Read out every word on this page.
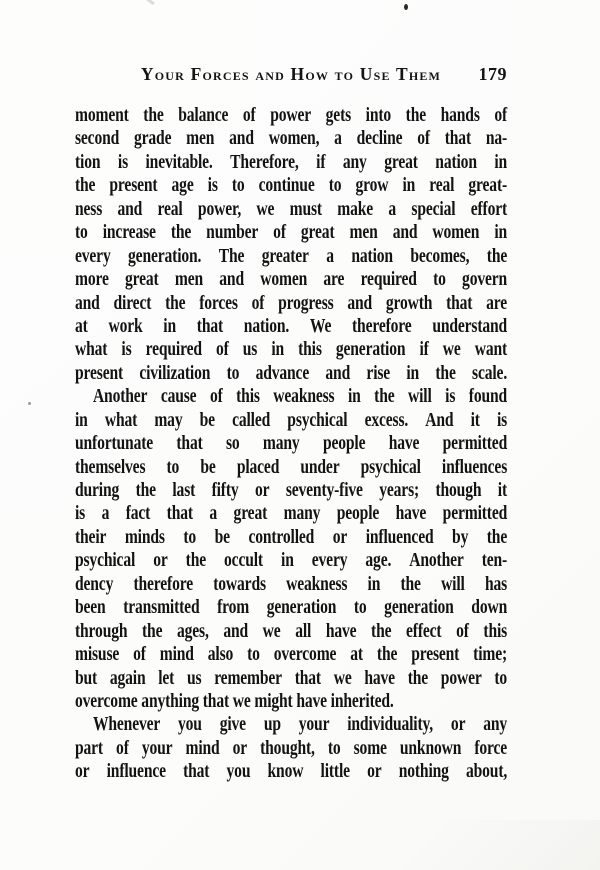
Your Forces and How to Use Them	179
moment the balance of power gets into the hands of
second grade men and women, a decline of that na-
tion is inevitable. Therefore, if any great nation in
the present age is to continue to grow in real great-
ness and real power, we must make a special effort
to increase the number of great men and women in
every generation. The greater a nation becomes, the
more great men and women are required to govern
and direct the forces of progress and growth that are
at work in that nation. We therefore understand
what is required of us in this generation if we want
present civilization to advance and rise in the scale.
Another cause of this weakness in the will is found
in what may be called psychical excess. And it is
unfortunate that so many people have permitted
themselves to be placed under psychical influences
during the last fifty or seventy-five years; though it
is a fact that a great many people have permitted
their minds to be controlled or influenced by the
psychical or the occult in every age. Another ten-
dency therefore towards weakness in the will has
been transmitted from generation to generation down
through the ages, and we all have the effect of this
misuse of mind also to overcome at the present time;
but again let us remember that we have the power to
overcome anything that we might have inherited.
Whenever you give up your individuality, or any
part of your mind or thought, to some unknown force
or influence that you know little or nothing about,
